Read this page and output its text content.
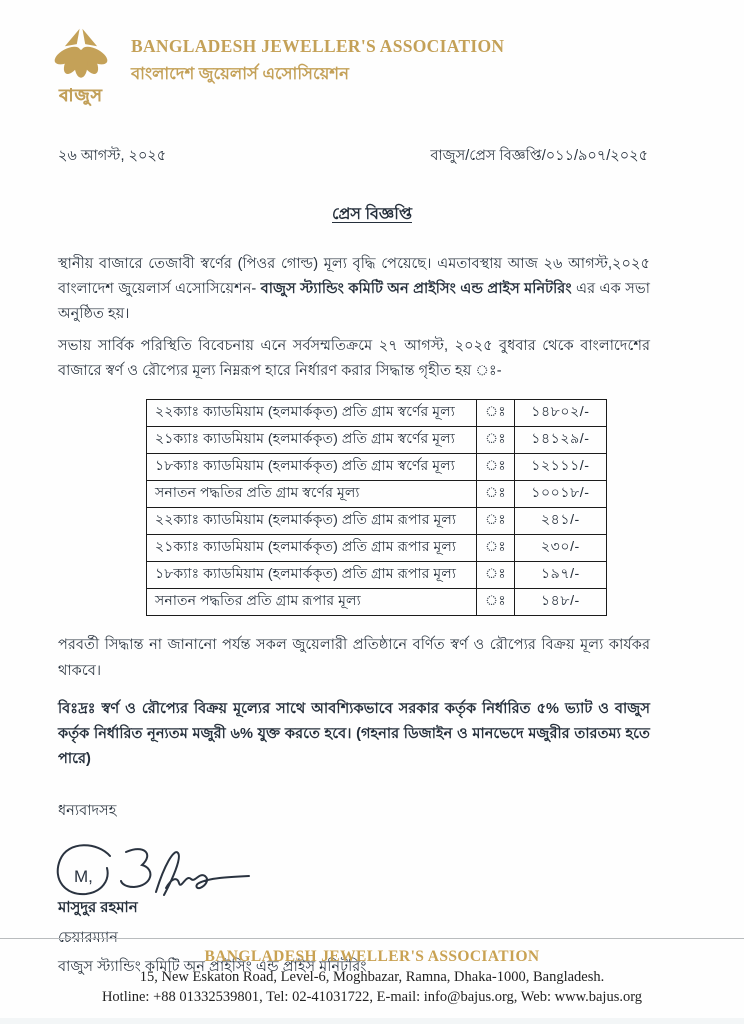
বাজুস
BANGLADESH JEWELLER'S ASSOCIATION
বাংলাদেশ জুয়েলার্স এসোসিয়েশন
২৬ আগস্ট, ২০২৫	বাজুস/প্রেস বিজ্ঞপ্তি/০১১/৯০৭/২০২৫
প্রেস বিজ্ঞপ্তি

স্থানীয় বাজারে তেজাবী স্বর্ণের (পিওর গোল্ড) মূল্য বৃদ্ধি পেয়েছে। এমতাবস্থায় আজ ২৬ আগস্ট,২০২৫ বাংলাদেশ জুয়েলার্স এসোসিয়েশন- বাজুস স্ট্যান্ডিং কমিটি অন প্রাইসিং এন্ড প্রাইস মনিটরিং এর এক সভা অনুষ্ঠিত হয়।

সভায় সার্বিক পরিস্থিতি বিবেচনায় এনে সর্বসম্মতিক্রমে ২৭ আগস্ট, ২০২৫ বুধবার থেকে বাংলাদেশের বাজারে স্বর্ণ ও রৌপ্যের মূল্য নিম্নরূপ হারে নির্ধারণ করার সিদ্ধান্ত গৃহীত হয় ঃ-

২২ক্যাঃ ক্যাডমিয়াম (হলমার্ককৃত) প্রতি গ্রাম স্বর্ণের মূল্য	ঃ	১৪৮০২/-
২১ক্যাঃ ক্যাডমিয়াম (হলমার্ককৃত) প্রতি গ্রাম স্বর্ণের মূল্য	ঃ	১৪১২৯/-
১৮ক্যাঃ ক্যাডমিয়াম (হলমার্ককৃত) প্রতি গ্রাম স্বর্ণের মূল্য	ঃ	১২১১১/-
সনাতন পদ্ধতির প্রতি গ্রাম স্বর্ণের মূল্য	ঃ	১০০১৮/-
২২ক্যাঃ ক্যাডমিয়াম (হলমার্ককৃত) প্রতি গ্রাম রূপার মূল্য	ঃ	২৪১/-
২১ক্যাঃ ক্যাডমিয়াম (হলমার্ককৃত) প্রতি গ্রাম রূপার মূল্য	ঃ	২৩০/-
১৮ক্যাঃ ক্যাডমিয়াম (হলমার্ককৃত) প্রতি গ্রাম রূপার মূল্য	ঃ	১৯৭/-
সনাতন পদ্ধতির প্রতি গ্রাম রূপার মূল্য	ঃ	১৪৮/-

পরবর্তী সিদ্ধান্ত না জানানো পর্যন্ত সকল জুয়েলারী প্রতিষ্ঠানে বর্ণিত স্বর্ণ ও রৌপ্যের বিক্রয় মূল্য কার্যকর থাকবে।

বিঃদ্রঃ স্বর্ণ ও রৌপ্যের বিক্রয় মূল্যের সাথে আবশ্যিকভাবে সরকার কর্তৃক নির্ধারিত ৫% ভ্যাট ও বাজুস কর্তৃক নির্ধারিত নূন্যতম মজুরী ৬% যুক্ত করতে হবে। (গহনার ডিজাইন ও মানভেদে মজুরীর তারতম্য হতে পারে)

ধন্যবাদসহ

M,
মাসুদুর রহমান
চেয়ারম্যান
বাজুস স্ট্যান্ডিং কমিটি অন প্রাইসিং এন্ড প্রাইস মনিটরিং
BANGLADESH JEWELLER'S ASSOCIATION
15, New Eskaton Road, Level-6, Moghbazar, Ramna, Dhaka-1000, Bangladesh.
Hotline: +88 01332539801, Tel: 02-41031722, E-mail: info@bajus.org, Web: www.bajus.org
